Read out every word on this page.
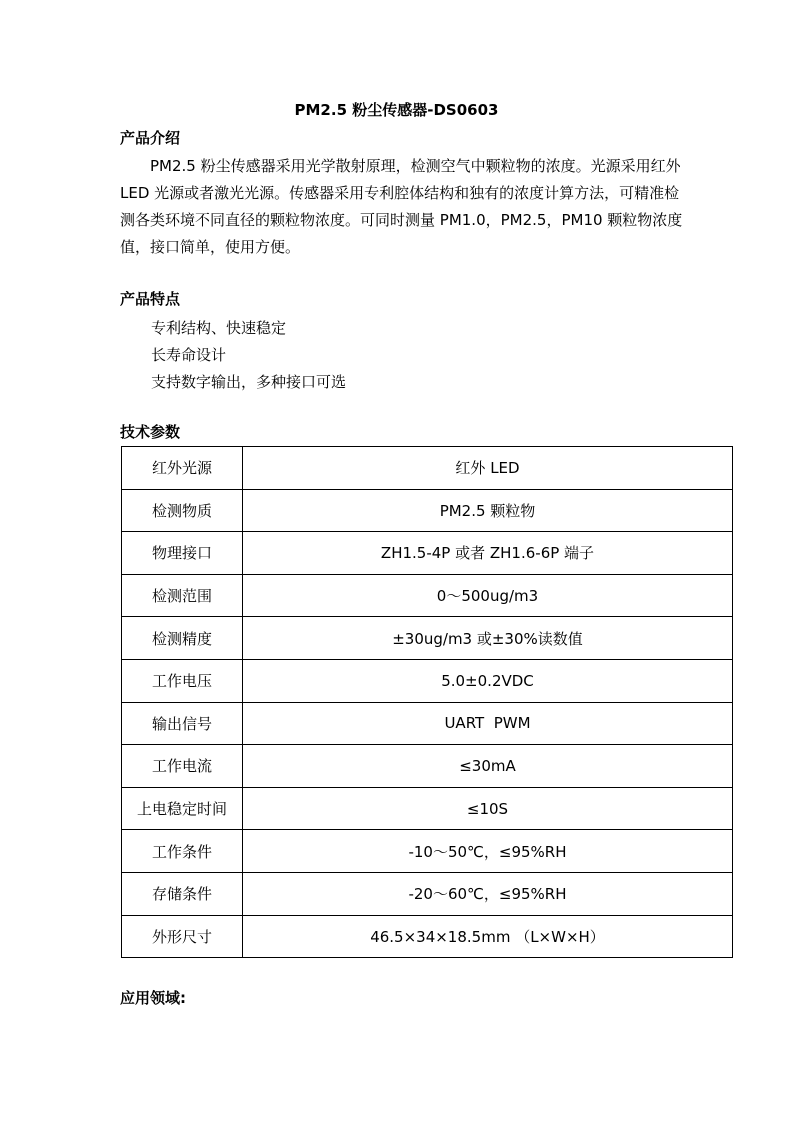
PM2.5 粉尘传感器-DS0603
产品介绍

PM2.5 粉尘传感器采用光学散射原理，检测空气中颗粒物的浓度。光源采用红外 LED 光源或者激光光源。传感器采用专利腔体结构和独有的浓度计算方法，可精准检测各类环境不同直径的颗粒物浓度。可同时测量 PM1.0，PM2.5，PM10 颗粒物浓度值，接口简单，使用方便。

产品特点
专利结构、快速稳定
长寿命设计
支持数字输出，多种接口可选
技术参数
红外光源	红外 LED
检测物质	PM2.5 颗粒物
物理接口	ZH1.5-4P 或者 ZH1.6-6P 端子
检测范围	0～500ug/m3
检测精度	±30ug/m3 或±30%读数值
工作电压	5.0±0.2VDC
输出信号	UART  PWM
工作电流	≤30mA
上电稳定时间	≤10S
工作条件	-10～50℃，≤95%RH
存储条件	-20～60℃，≤95%RH
外形尺寸	46.5×34×18.5mm （L×W×H）
应用领域:
